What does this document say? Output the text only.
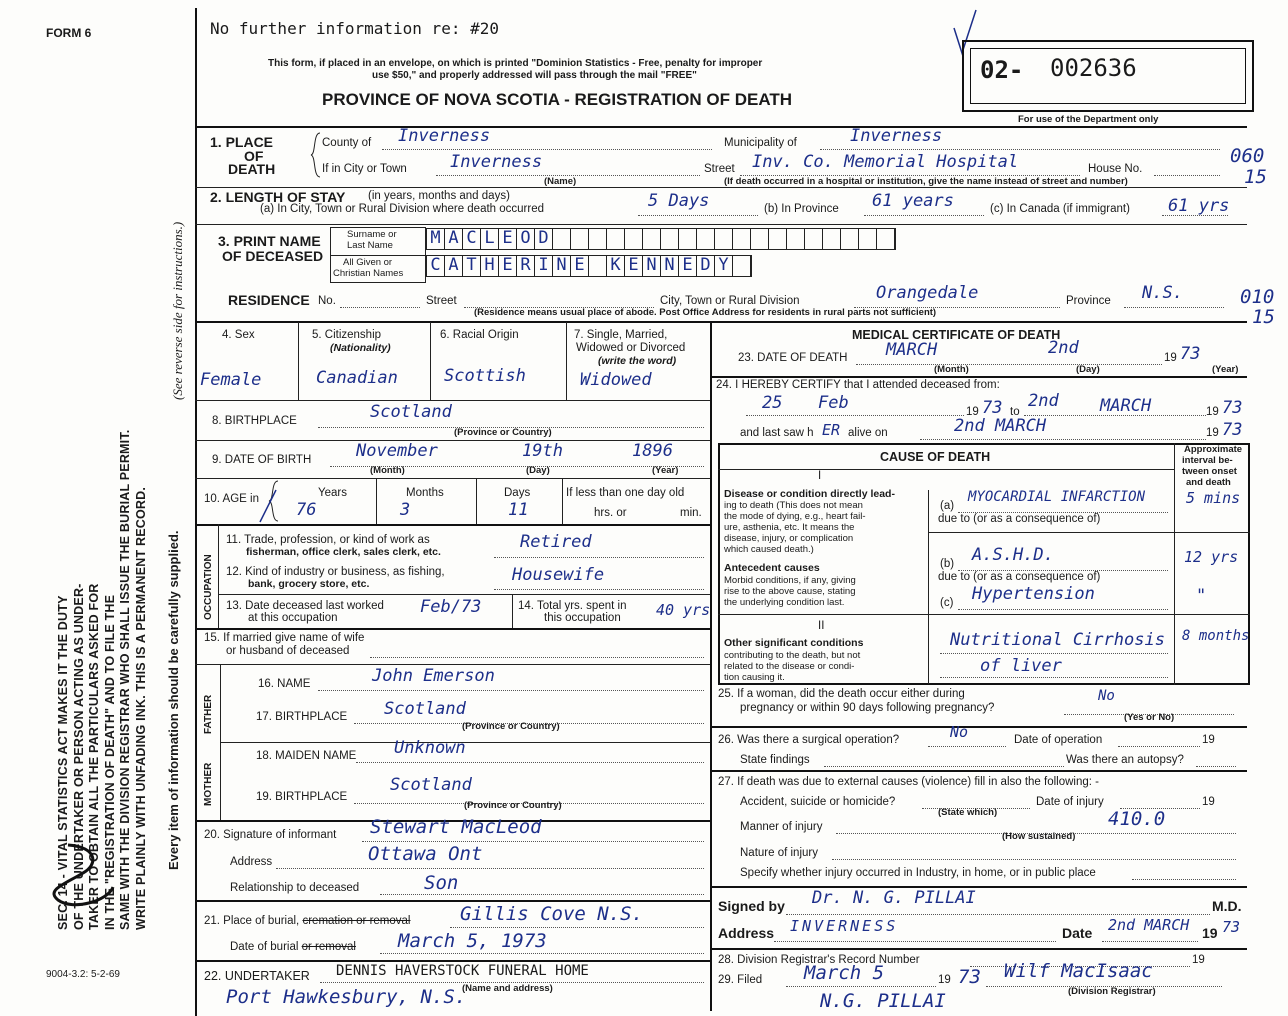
FORM 6
SEC. 14 - VITAL STATISTICS ACT MAKES IT THE DUTY OF THE UNDERTAKER OR PERSON ACTING AS UNDER- TAKER TO OBTAIN ALL THE PARTICULARS ASKED FOR IN THE "REGISTRATION OF DEATH" AND TO FILE THE SAME WITH THE DIVISION REGISTRAR WHO SHALL ISSUE THE BURIAL PERMIT. WRITE PLAINLY WITH UNFADING INK. THIS IS A PERMANENT RECORD. Every item of information should be carefully supplied.
(See reverse side for instructions.)
9004-3.2: 5-2-69
No further information re: #20
This form, if placed in an envelope, on which is printed "Dominion Statistics - Free, penalty for improper
use $50," and properly addressed will pass through the mail "FREE"
PROVINCE OF NOVA SCOTIA - REGISTRATION OF DEATH
02- 002636
For use of the Department only
060
15
010
15
1. PLACE
OF
DEATH
County of Inverness	Municipality of	Inverness
If in City or Town	Inverness	Street Inv. Co. Memorial Hospital	House No.
(Name)	(If death occurred in a hospital or institution, give the name instead of street and number)
2. LENGTH OF STAY (in years, months and days)
(a) In City, Town or Rural Division where death occurred	5 Days	(b) In Province 61 years	(c) In Canada (if immigrant) 61 yrs
3. PRINT NAME
OF DECEASED
Surname or
Last Name
All Given or
Christian Names
M A C L E O D
C A T H E R I N E K E N N E D Y
RESIDENCE No.	Street	City, Town or Rural Division	Orangedale	Province N.S.
(Residence means usual place of abode. Post Office Address for residents in rural parts not sufficient)
4. Sex	5. Citizenship
(Nationality)
6. Racial Origin	7. Single, Married,
Widowed or Divorced
(write the word)
Female	Canadian	Scottish	Widowed
8. BIRTHPLACE	Scotland
(Province or Country)
9. DATE OF BIRTH	November	19th	1896
(Month)	(Day)	(Year)
10. AGE in	Years	Months	Days	If less than one day old
76	3	11	hrs. or	min.
OCCUPATION
11. Trade, profession, or kind of work as
fisherman, office clerk, sales clerk, etc.	Retired
12. Kind of industry or business, as fishing,
bank, grocery store, etc.	Housewife
13. Date deceased last worked
at this occupation
Feb/73	14. Total yrs. spent in
this occupation 40 yrs
15. If married give name of wife
or husband of deceased
FATHER
MOTHER
16. NAME	John Emerson
17. BIRTHPLACE Scotland
(Province or Country)
18. MAIDEN NAME Unknown
19. BIRTHPLACE
Scotland
(Province or Country)
20. Signature of informant Stewart MacLeod
Address	Ottawa Ont
Relationship to deceased	Son
21. Place of burial, cremation or removal	Gillis Cove N.S.
Date of burial or removal March 5, 1973
22. UNDERTAKER DENNIS HAVERSTOCK FUNERAL HOME
(Name and address)
Port Hawkesbury, N.S.
MEDICAL CERTIFICATE OF DEATH
23. DATE OF DEATH MARCH	2nd	19 73
(Month)	(Day)	(Year)
24. I HEREBY CERTIFY that I attended deceased from:
25 Feb	19 73 to
2nd MARCH	19 73
and last saw h ER alive on	2nd MARCH	19 73
CAUSE OF DEATH
Approximate
interval be-
tween onset
and death
I
Disease or condition directly lead-
ing to death (This does not mean
the mode of dying, e.g., heart fail-
ure, asthenia, etc. It means the
disease, injury, or complication
which caused death.)
(a)
MYOCARDIAL INFARCTION	5 mins
due to (or as a consequence of)
Antecedent causes
Morbid conditions, if any, giving
rise to the above cause, stating
the underlying condition last.
(b) A.S.H.D.	12 yrs
due to (or as a consequence of)
(c) Hypertension	"
II
Other significant conditions
contributing to the death, but not
related to the disease or condi-
tion causing it.
Nutritional Cirrhosis
of liver
8 months
25. If a woman, did the death occur either during
pregnancy or within 90 days following pregnancy?
No
(Yes or No)
26. Was there a surgical operation?	No	Date of operation	19
State findings	Was there an autopsy?
27. If death was due to external causes (violence) fill in also the following: -
Accident, suicide or homicide?	Date of injury	19
(State which)
Manner of injury	410.0
(How sustained)
Nature of injury
Specify whether injury occurred in Industry, in home, or in public place
Signed by Dr. N. G. PILLAI	M.D.
Address INVERNESS	Date 2nd MARCH 19 73
28. Division Registrar's Record Number	19
29. Filed March 5	19 73 Wilf MacIsaac
(Division Registrar)
N.G. PILLAI
